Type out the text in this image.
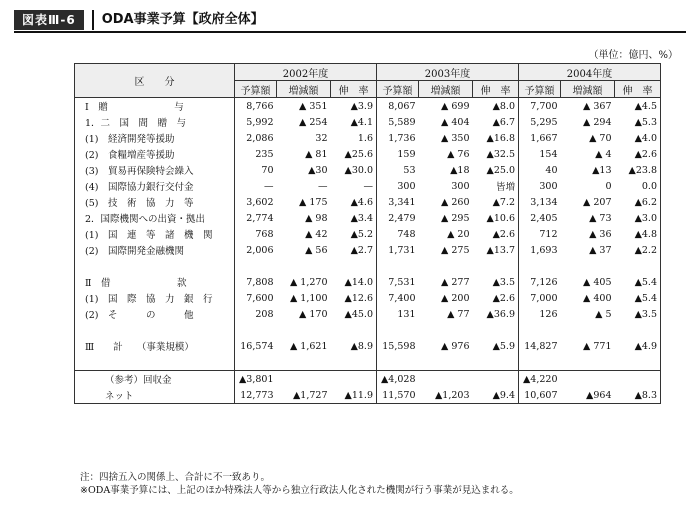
図表Ⅲ-6	ODA事業予算【政府全体】
（単位：億円、%）
区　　分	2002年度			2003年度			2004年度		
	予算額	増減額	伸　率	予算額	増減額	伸　率	予算額	増減額	伸　率
Ⅰ　贈　　　　　　　与	8,766	▲ 351	▲3.9	8,067	▲ 699	▲8.0	7,700	▲ 367	▲4.5
1．二　国　間　贈　与	5,992	▲ 254	▲4.1	5,589	▲ 404	▲6.7	5,295	▲ 294	▲5.3
(1)　経済開発等援助	2,086	32	1.6	1,736	▲ 350	▲16.8	1,667	▲ 70	▲4.0
(2)　食糧増産等援助	235	▲ 81	▲25.6	159	▲ 76	▲32.5	154	▲ 4	▲2.6
(3)　貿易再保険特会繰入	70	▲30	▲30.0	53	▲18	▲25.0	40	▲13	▲23.8
(4)　国際協力銀行交付金	—	—	—	300	300	皆増	300	0	0.0
(5)　技　術　協　力　等	3,602	▲ 175	▲4.6	3,341	▲ 260	▲7.2	3,134	▲ 207	▲6.2
2．国際機関への出資・拠出	2,774	▲ 98	▲3.4	2,479	▲ 295	▲10.6	2,405	▲ 73	▲3.0
(1)　国　連　等　諸　機　関	768	▲ 42	▲5.2	748	▲ 20	▲2.6	712	▲ 36	▲4.8
(2)　国際開発金融機関	2,006	▲ 56	▲2.7	1,731	▲ 275	▲13.7	1,693	▲ 37	▲2.2

Ⅱ　借　　　　　　　款	7,808	▲ 1,270	▲14.0	7,531	▲ 277	▲3.5	7,126	▲ 405	▲5.4
(1)　国　際　協　力　銀　行	7,600	▲ 1,100	▲12.6	7,400	▲ 200	▲2.6	7,000	▲ 400	▲5.4
(2)　そ　　　の　　　他	208	▲ 170	▲45.0	131	▲ 77	▲36.9	126	▲ 5	▲3.5

Ⅲ　　計　　（事業規模）	16,574	▲ 1,621	▲8.9	15,598	▲ 976	▲5.9	14,827	▲ 771	▲4.9

（参考）回収金	▲3,801			▲4,028			▲4,220		
ネット	12,773	▲1,727	▲11.9	11,570	▲1,203	▲9.4	10,607	▲964	▲8.3
注：四捨五入の関係上、合計に不一致あり。
※ODA事業予算には、上記のほか特殊法人等から独立行政法人化された機関が行う事業が見込まれる。
